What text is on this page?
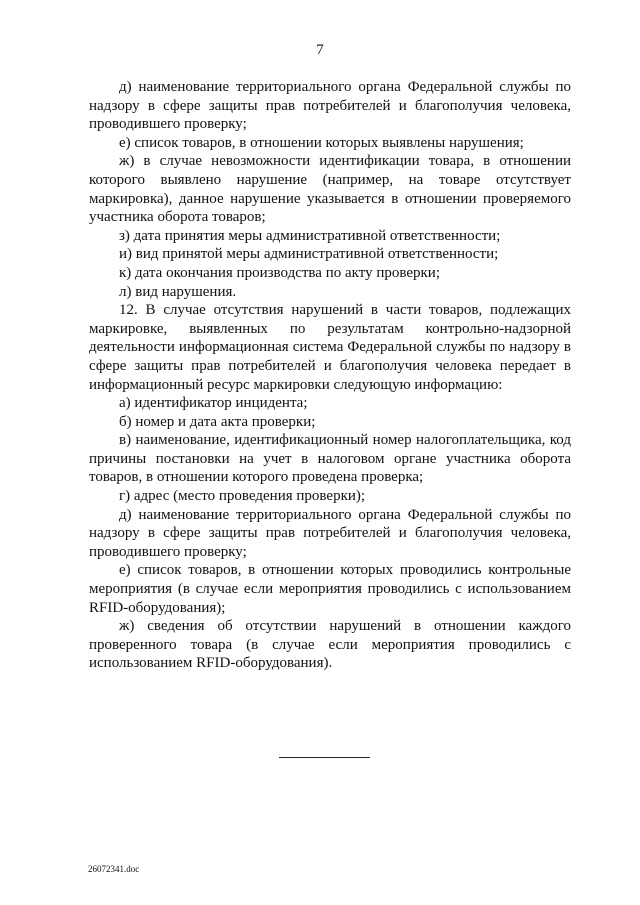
7

д) наименование территориального органа Федеральной службы по надзору в сфере защиты прав потребителей и благополучия человека, проводившего проверку;

е) список товаров, в отношении которых выявлены нарушения;

ж) в случае невозможности идентификации товара, в отношении которого выявлено нарушение (например, на товаре отсутствует маркировка), данное нарушение указывается в отношении проверяемого участника оборота товаров;

з) дата принятия меры административной ответственности;

и) вид принятой меры административной ответственности;

к) дата окончания производства по акту проверки;

л) вид нарушения.

12. В случае отсутствия нарушений в части товаров, подлежащих маркировке, выявленных по результатам контрольно-надзорной деятельности информационная система Федеральной службы по надзору в сфере защиты прав потребителей и благополучия человека передает в информационный ресурс маркировки следующую информацию:

а) идентификатор инцидента;

б) номер и дата акта проверки;

в) наименование, идентификационный номер налогоплательщика, код причины постановки на учет в налоговом органе участника оборота товаров, в отношении которого проведена проверка;

г) адрес (место проведения проверки);

д) наименование территориального органа Федеральной службы по надзору в сфере защиты прав потребителей и благополучия человека, проводившего проверку;

е) список товаров, в отношении которых проводились контрольные мероприятия (в случае если мероприятия проводились с использованием RFID-оборудования);

ж) сведения об отсутствии нарушений в отношении каждого проверенного товара (в случае если мероприятия проводились с использованием RFID-оборудования).

26072341.doc
